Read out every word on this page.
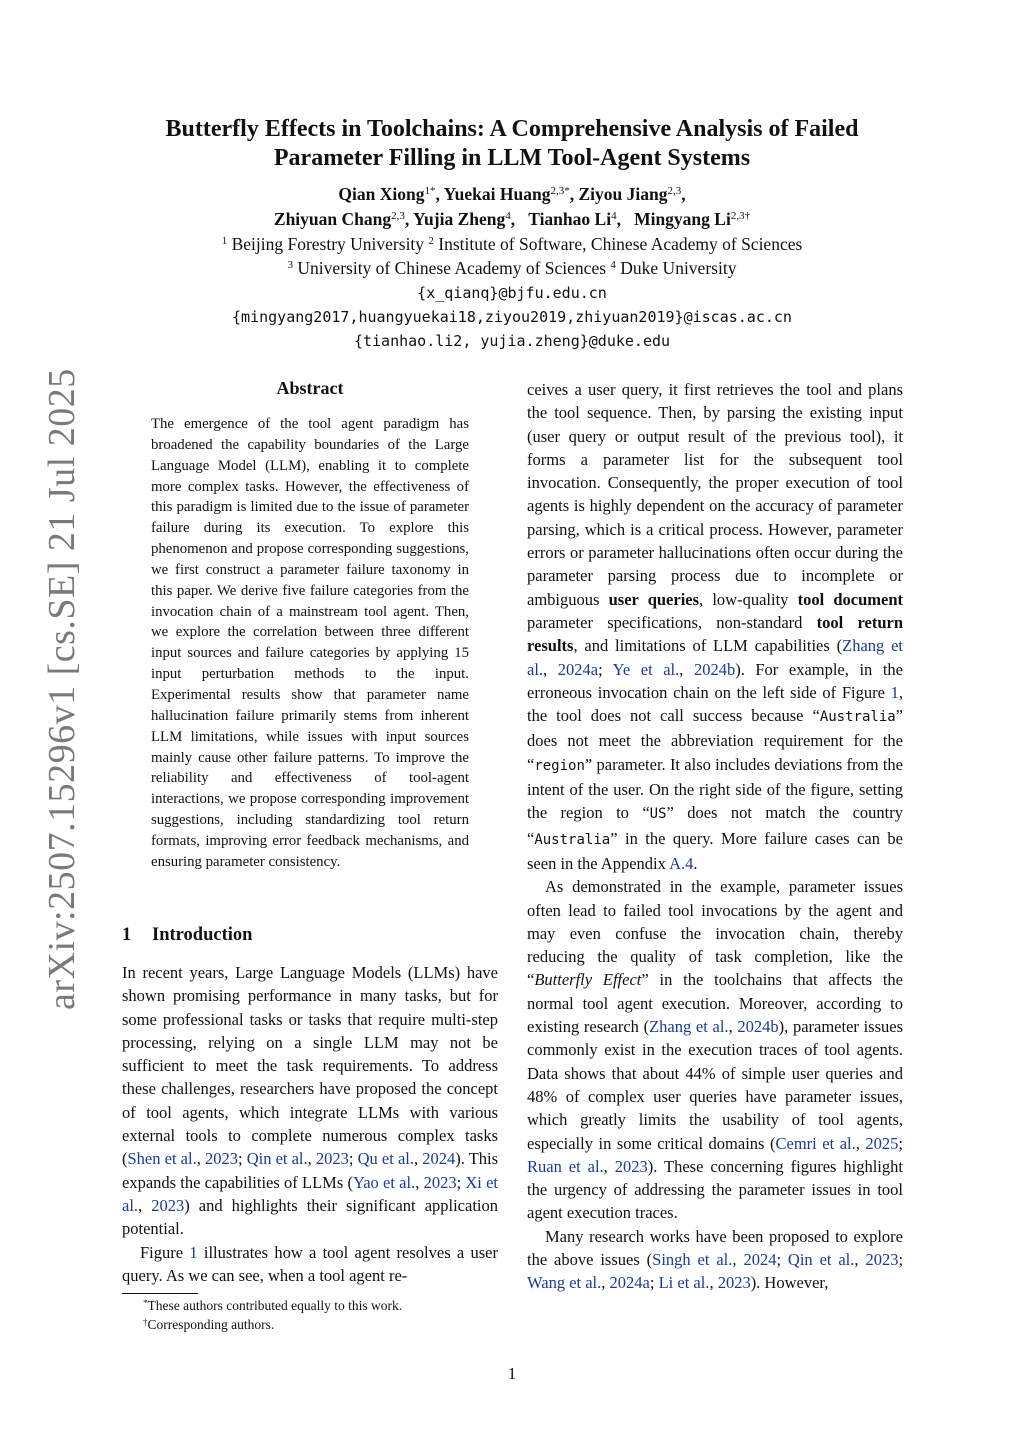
arXiv:2507.15296v1 [cs.SE] 21 Jul 2025
Butterfly Effects in Toolchains: A Comprehensive Analysis of Failed
Parameter Filling in LLM Tool-Agent Systems
Qian Xiong$^{1*}$, Yuekai Huang$^{2,3*}$, Ziyou Jiang$^{2,3}$,
Zhiyuan Chang$^{2,3}$, Yujia Zheng$^4$,   Tianhao Li$^4$,   Mingyang $Li^{2,3\dagger}$
$^1$ Beijing Forestry University $^2$ Institute of Software, Chinese Academy of Sciences
$^3$ University of Chinese Academy of Sciences $^4$ Duke University
{x_qianq}@bjfu.edu.cn
{mingyang2017,huangyuekai18,ziyou2019,zhiyuan2019}@iscas.ac.cn
{tianhao.li2, yujia.zheng}@duke.edu
Abstract
The emergence of the tool agent paradigm has broadened the capability boundaries of the Large Language Model (LLM), enabling it to complete more complex tasks. However, the effectiveness of this paradigm is limited due to the issue of parameter failure during its execution. To explore this phenomenon and propose corresponding suggestions, we first construct a parameter failure taxonomy in this paper. We derive five failure categories from the invocation chain of a mainstream tool agent. Then, we explore the correlation between three different input sources and failure categories by applying 15 input perturbation methods to the input. Experimental results show that parameter name hallucination failure primarily stems from inherent LLM limitations, while issues with input sources mainly cause other failure patterns. To improve the reliability and effectiveness of tool-agent interactions, we propose corresponding improvement suggestions, including standardizing tool return formats, improving error feedback mechanisms, and ensuring parameter consistency.
1 Introduction

In recent years, Large Language Models (LLMs) have shown promising performance in many tasks, but for some professional tasks or tasks that require multi-step processing, relying on a single LLM may not be sufficient to meet the task requirements. To address these challenges, researchers have proposed the concept of tool agents, which integrate LLMs with various external tools to complete numerous complex tasks (Shen et al., 2023; Qin et al., 2023; Qu et al., 2024). This expands the capabilities of LLMs (Yao et al., 2023; Xi et al., 2023) and highlights their significant application potential.

Figure 1 illustrates how a tool agent resolves a user query. As we can see, when a tool agent re-

ceives a user query, it first retrieves the tool and plans the tool sequence. Then, by parsing the existing input (user query or output result of the previous tool), it forms a parameter list for the subsequent tool invocation. Consequently, the proper execution of tool agents is highly dependent on the accuracy of parameter parsing, which is a critical process. However, parameter errors or parameter hallucinations often occur during the parameter parsing process due to incomplete or ambiguous user queries, low-quality tool document parameter specifications, non-standard tool return results, and limitations of LLM capabilities (Zhang et al., 2024a; Ye et al., 2024b). For example, in the erroneous invocation chain on the left side of Figure 1, the tool does not call success because “Australia” does not meet the abbreviation requirement for the “region” parameter. It also includes deviations from the intent of the user. On the right side of the figure, setting the region to “US” does not match the country “Australia” in the query. More failure cases can be seen in the Appendix A.4.

As demonstrated in the example, parameter issues often lead to failed tool invocations by the agent and may even confuse the invocation chain, thereby reducing the quality of task completion, like the “Butterfly Effect” in the toolchains that affects the normal tool agent execution. Moreover, according to existing research (Zhang et al., 2024b), parameter issues commonly exist in the execution traces of tool agents. Data shows that about 44% of simple user queries and 48% of complex user queries have parameter issues, which greatly limits the usability of tool agents, especially in some critical domains (Cemri et al., 2025; Ruan et al., 2023). These concerning figures highlight the urgency of addressing the parameter issues in tool agent execution traces.

Many research works have been proposed to explore the above issues (Singh et al., 2024; Qin et al., 2023; Wang et al., 2024a; Li et al., 2023). However,

*These authors contributed equally to this work.
†Corresponding authors.
1
